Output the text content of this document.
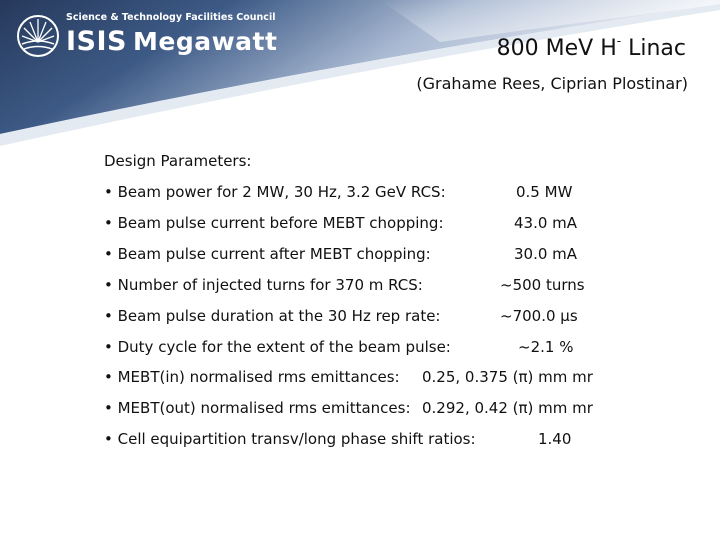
Science & Technology Facilities Council
ISIS Megawatt	800 MeV H- Linac
(Grahame Rees, Ciprian Plostinar)
Design Parameters:
• Beam power for 2 MW, 30 Hz, 3.2 GeV RCS:	0.5 MW
• Beam pulse current before MEBT chopping:	43.0 mA
• Beam pulse current after MEBT chopping:	30.0 mA
• Number of injected turns for 370 m RCS:	~500 turns
• Beam pulse duration at the 30 Hz rep rate:	~700.0 µs
• Duty cycle for the extent of the beam pulse:	~2.1 %
• MEBT(in) normalised rms emittances: 0.25, 0.375 (π) mm mr
• MEBT(out) normalised rms emittances: 0.292, 0.42 (π) mm mr
• Cell equipartition transv/long phase shift ratios:	1.40
